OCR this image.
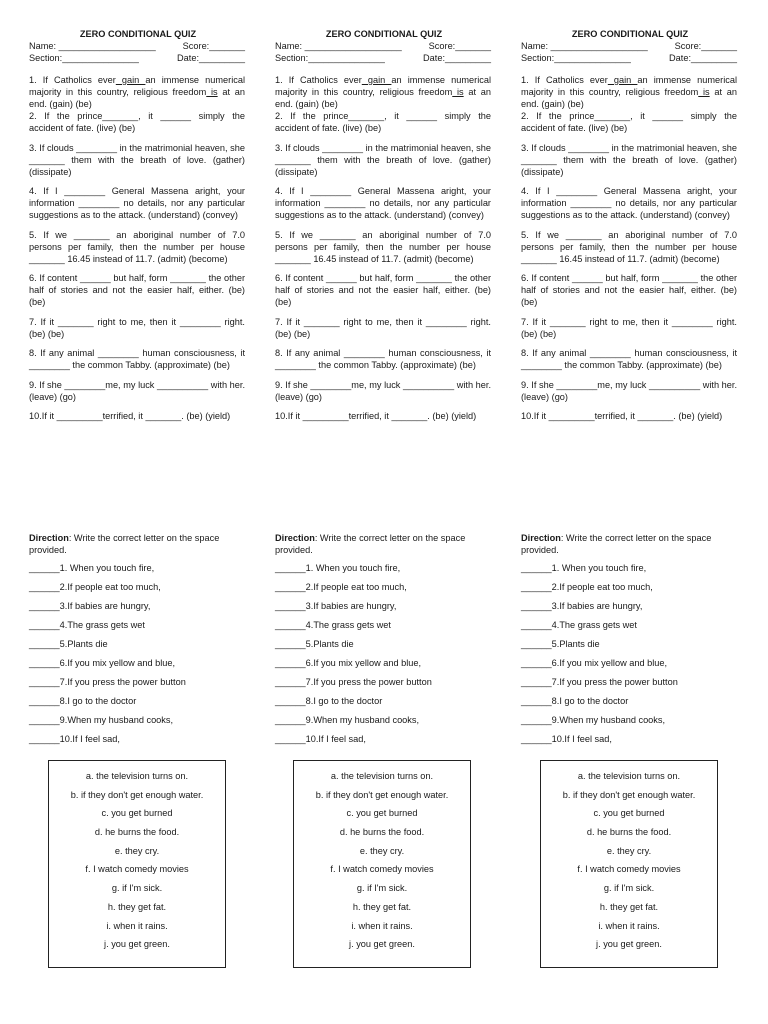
ZERO CONDITIONAL QUIZ
Name: ___________________	Score:_______
Section:_______________	Date:_________

1. If Catholics ever gain an immense numerical majority in this country, religious freedom is at an end. (gain) (be)

2. If the prince_______, it ______ simply the accident of fate. (live) (be)

3. If clouds ________ in the matrimonial heaven, she _______ them with the breath of love. (gather) (dissipate)

4. If I ________ General Massena aright, your information ________ no details, nor any particular suggestions as to the attack. (understand) (convey)

5. If we _______ an aboriginal number of 7.0 persons per family, then the number per house _______ 16.45 instead of 11.7. (admit) (become)

6. If content ______ but half, form _______ the other half of stories and not the easier half, either. (be) (be)

7. If it _______ right to me, then it ________ right. (be) (be)

8. If any animal ________ human consciousness, it ________ the common Tabby. (approximate) (be)

9. If she ________me, my luck __________ with her. (leave) (go)

10.If it _________terrified, it _______. (be) (yield)

Direction: Write the correct letter on the space provided.
______1. When you touch fire,
______2.If people eat too much,
______3.If babies are hungry,
______4.The grass gets wet
______5.Plants die
______6.If you mix yellow and blue,
______7.If you press the power button
______8.I go to the doctor
______9.When my husband cooks,
______10.If I feel sad,
a. the television turns on.
b. if they don't get enough water.
c. you get burned
d. he burns the food.
e. they cry.
f. I watch comedy movies
g. if I'm sick.
h. they get fat.
i. when it rains.
j. you get green.
ZERO CONDITIONAL QUIZ
Name: ___________________	Score:_______
Section:_______________	Date:_________

1. If Catholics ever gain an immense numerical majority in this country, religious freedom is at an end. (gain) (be)

2. If the prince_______, it ______ simply the accident of fate. (live) (be)

3. If clouds ________ in the matrimonial heaven, she _______ them with the breath of love. (gather) (dissipate)

4. If I ________ General Massena aright, your information ________ no details, nor any particular suggestions as to the attack. (understand) (convey)

5. If we _______ an aboriginal number of 7.0 persons per family, then the number per house _______ 16.45 instead of 11.7. (admit) (become)

6. If content ______ but half, form _______ the other half of stories and not the easier half, either. (be) (be)

7. If it _______ right to me, then it ________ right. (be) (be)

8. If any animal ________ human consciousness, it ________ the common Tabby. (approximate) (be)

9. If she ________me, my luck __________ with her. (leave) (go)

10.If it _________terrified, it _______. (be) (yield)

Direction: Write the correct letter on the space provided.
______1. When you touch fire,
______2.If people eat too much,
______3.If babies are hungry,
______4.The grass gets wet
______5.Plants die
______6.If you mix yellow and blue,
______7.If you press the power button
______8.I go to the doctor
______9.When my husband cooks,
______10.If I feel sad,
a. the television turns on.
b. if they don't get enough water.
c. you get burned
d. he burns the food.
e. they cry.
f. I watch comedy movies
g. if I'm sick.
h. they get fat.
i. when it rains.
j. you get green.
ZERO CONDITIONAL QUIZ
Name: ___________________	Score:_______
Section:_______________	Date:_________

1. If Catholics ever gain an immense numerical majority in this country, religious freedom is at an end. (gain) (be)

2. If the prince_______, it ______ simply the accident of fate. (live) (be)

3. If clouds ________ in the matrimonial heaven, she _______ them with the breath of love. (gather) (dissipate)

4. If I ________ General Massena aright, your information ________ no details, nor any particular suggestions as to the attack. (understand) (convey)

5. If we _______ an aboriginal number of 7.0 persons per family, then the number per house _______ 16.45 instead of 11.7. (admit) (become)

6. If content ______ but half, form _______ the other half of stories and not the easier half, either. (be) (be)

7. If it _______ right to me, then it ________ right. (be) (be)

8. If any animal ________ human consciousness, it ________ the common Tabby. (approximate) (be)

9. If she ________me, my luck __________ with her. (leave) (go)

10.If it _________terrified, it _______. (be) (yield)

Direction: Write the correct letter on the space provided.
______1. When you touch fire,
______2.If people eat too much,
______3.If babies are hungry,
______4.The grass gets wet
______5.Plants die
______6.If you mix yellow and blue,
______7.If you press the power button
______8.I go to the doctor
______9.When my husband cooks,
______10.If I feel sad,
a. the television turns on.
b. if they don't get enough water.
c. you get burned
d. he burns the food.
e. they cry.
f. I watch comedy movies
g. if I'm sick.
h. they get fat.
i. when it rains.
j. you get green.
